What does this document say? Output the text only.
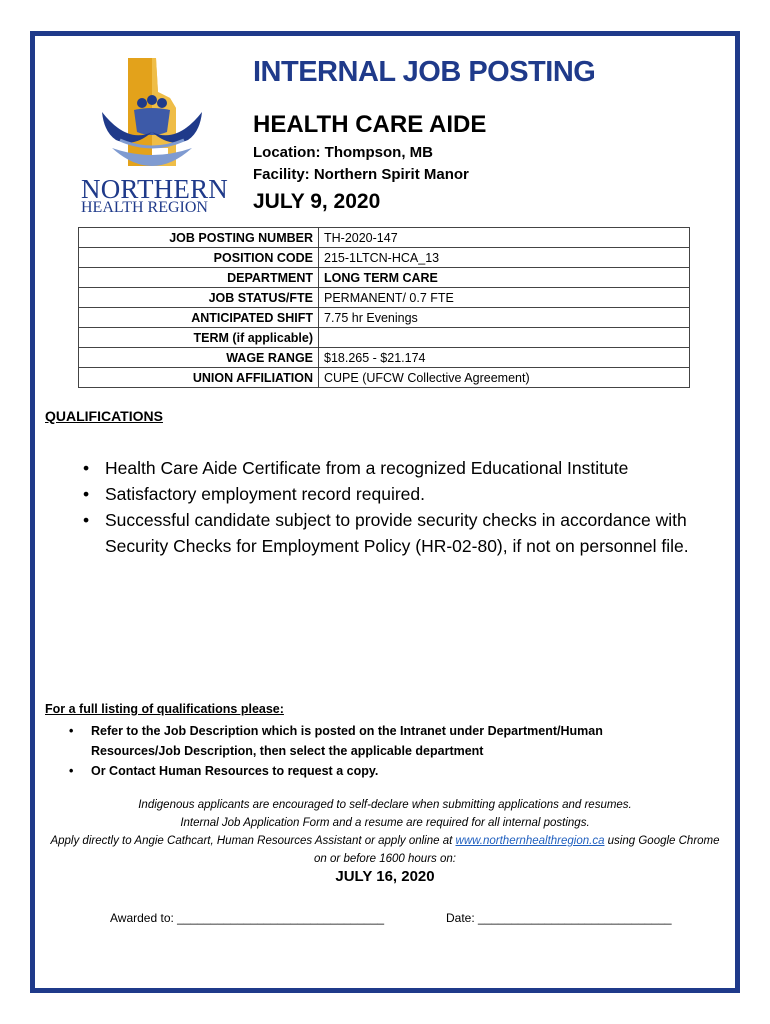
NORTHERN
HEALTH REGION
INTERNAL JOB POSTING
HEALTH CARE AIDE
Location: Thompson, MB
Facility: Northern Spirit Manor
JULY 9, 2020
JOB POSTING NUMBER	TH-2020-147
POSITION CODE	215-1LTCN-HCA_13
DEPARTMENT	LONG TERM CARE
JOB STATUS/FTE	PERMANENT/ 0.7 FTE
ANTICIPATED SHIFT	7.75 hr Evenings
TERM (if applicable)	
WAGE RANGE	$18.265 - $21.174
UNION AFFILIATION	CUPE (UFCW Collective Agreement)
QUALIFICATIONS
• Health Care Aide Certificate from a recognized Educational Institute
• Satisfactory employment record required.
• Successful candidate subject to provide security checks in accordance with Security Checks for Employment Policy (HR-02-80), if not on personnel file.
For a full listing of qualifications please:
• Refer to the Job Description which is posted on the Intranet under Department/Human Resources/Job Description, then select the applicable department
• Or Contact Human Resources to request a copy.
Indigenous applicants are encouraged to self-declare when submitting applications and resumes.
Internal Job Application Form and a resume are required for all internal postings.
Apply directly to Angie Cathcart, Human Resources Assistant or apply online at www.northernhealthregion.ca using Google Chrome on or before 1600 hours on:
JULY 16, 2020
Awarded to: _______________________________	Date: _____________________________
